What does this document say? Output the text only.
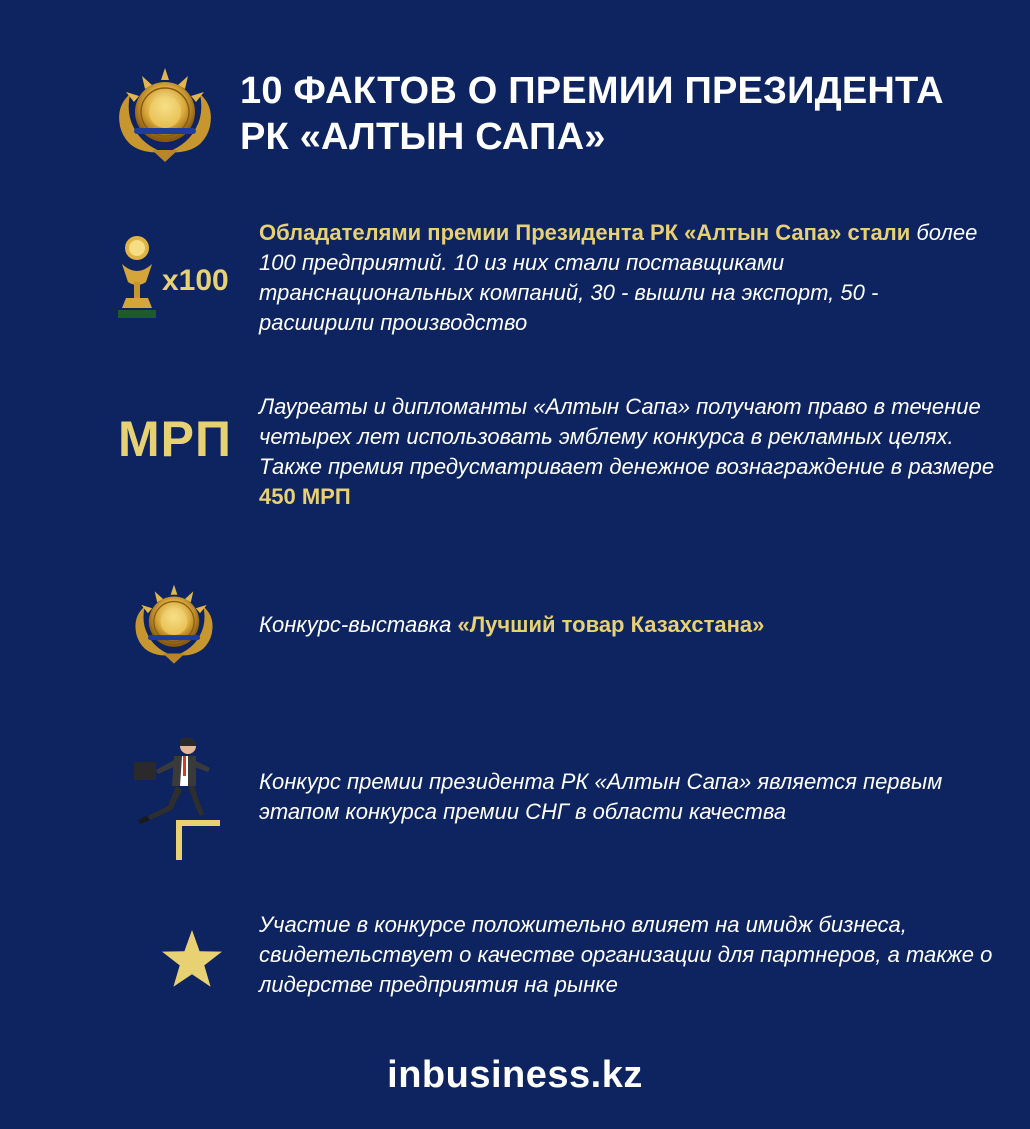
10 ФАКТОВ О ПРЕМИИ ПРЕЗИДЕНТА РК «АЛТЫН САПА»
x100
Обладателями премии Президента РК «Алтын Сапа» стали более 100 предприятий. 10 из них стали поставщиками транснациональных компаний, 30 - вышли на экспорт, 50 - расширили производство
МРП
Лауреаты и дипломанты «Алтын Сапа» получают право в течение четырех лет использовать эмблему конкурса в рекламных целях. Также премия предусматривает денежное вознаграждение в размере 450 МРП
Конкурс-выставка «Лучший товар Казахстана»
Конкурс премии президента РК «Алтын Сапа» является первым этапом конкурса премии СНГ в области качества
Участие в конкурсе положительно влияет на имидж бизнеса, свидетельствует о качестве организации для партнеров, а также о лидерстве предприятия на рынке
inbusiness.kz
